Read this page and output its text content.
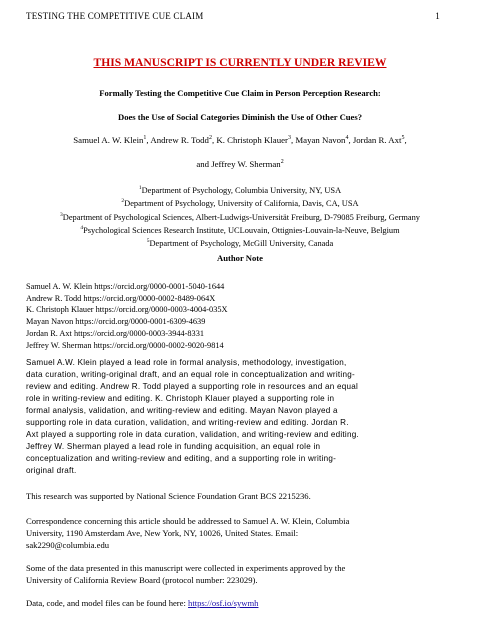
TESTING THE COMPETITIVE CUE CLAIM	1
THIS MANUSCRIPT IS CURRENTLY UNDER REVIEW
Formally Testing the Competitive Cue Claim in Person Perception Research:
Does the Use of Social Categories Diminish the Use of Other Cues?
Samuel A. W. Klein$^1$, Andrew R. Todd$^2$, K. Christoph Klauer$^3$, Mayan Navon$^4$, Jordan R. Axt$^5$,
and Jeffrey W. Sherman$^2$
$^1$Department of Psychology, Columbia University, NY, USA
$^2$Department of Psychology, University of California, Davis, CA, USA
$^3$Department of Psychological Sciences, Albert-Ludwigs-Universität Freiburg, D-79085 Freiburg, Germany
$^4$Psychological Sciences Research Institute, UCLouvain, Ottignies-Louvain-la-Neuve, Belgium
$^5$Department of Psychology, McGill University, Canada
Author Note
Samuel A. W. Klein https://orcid.org/0000-0001-5040-1644
Andrew R. Todd https://orcid.org/0000-0002-8489-064X
K. Christoph Klauer https://orcid.org/0000-0003-4004-035X
Mayan Navon https://orcid.org/0000-0001-6309-4639
Jordan R. Axt https://orcid.org/0000-0003-3944-8331
Jeffrey W. Sherman https://orcid.org/0000-0002-9020-9814
Samuel A.W. Klein played a lead role in formal analysis, methodology, investigation,
data curation, writing-original draft, and an equal role in conceptualization and writing-
review and editing. Andrew R. Todd played a supporting role in resources and an equal
role in writing-review and editing. K. Christoph Klauer played a supporting role in
formal analysis, validation, and writing-review and editing. Mayan Navon played a
supporting role in data curation, validation, and writing-review and editing. Jordan R.
Axt played a supporting role in data curation, validation, and writing-review and editing.
Jeffrey W. Sherman played a lead role in funding acquisition, an equal role in
conceptualization and writing-review and editing, and a supporting role in writing-
original draft.
This research was supported by National Science Foundation Grant BCS 2215236.
Correspondence concerning this article should be addressed to Samuel A. W. Klein, Columbia
University, 1190 Amsterdam Ave, New York, NY, 10026, United States. Email:
sak2290@columbia.edu
Some of the data presented in this manuscript were collected in experiments approved by the
University of California Review Board (protocol number: 223029).
Data, code, and model files can be found here: https://osf.io/sywmh
